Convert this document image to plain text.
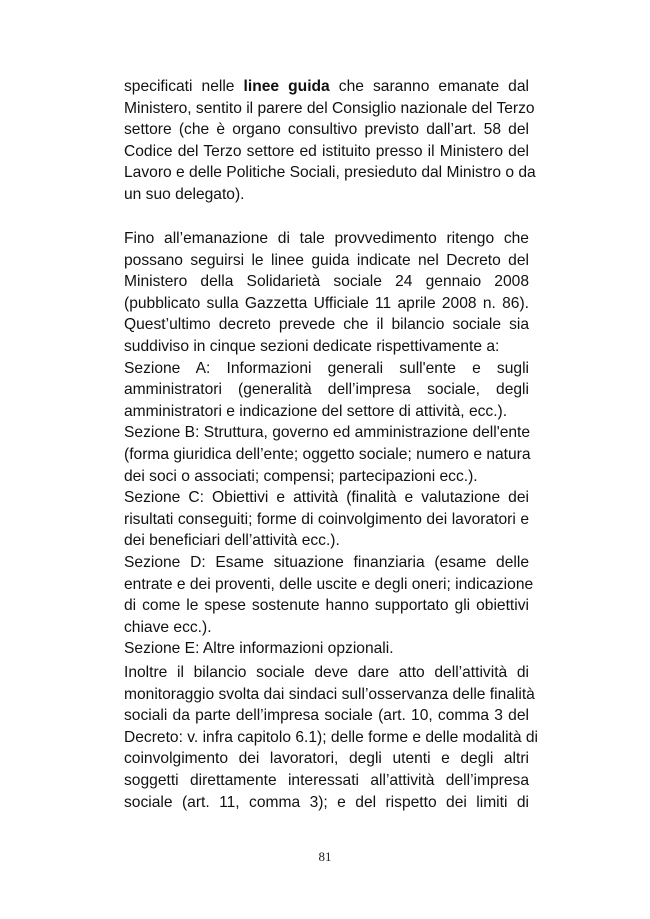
specificati nelle linee guida che saranno emanate dal
Ministero, sentito il parere del Consiglio nazionale del Terzo
settore (che è organo consultivo previsto dall’art. 58 del
Codice del Terzo settore ed istituito presso il Ministero del
Lavoro e delle Politiche Sociali, presieduto dal Ministro o da
un suo delegato).
Fino all’emanazione di tale provvedimento ritengo che
possano seguirsi le linee guida indicate nel Decreto del
Ministero della Solidarietà sociale 24 gennaio 2008
(pubblicato sulla Gazzetta Ufficiale 11 aprile 2008 n. 86).
Quest’ultimo decreto prevede che il bilancio sociale sia
suddiviso in cinque sezioni dedicate rispettivamente a:
Sezione A: Informazioni generali sull'ente e sugli
amministratori (generalità dell’impresa sociale, degli
amministratori e indicazione del settore di attività, ecc.).
Sezione B: Struttura, governo ed amministrazione dell'ente
(forma giuridica dell’ente; oggetto sociale; numero e natura
dei soci o associati; compensi; partecipazioni ecc.).
Sezione C: Obiettivi e attività (finalità e valutazione dei
risultati conseguiti; forme di coinvolgimento dei lavoratori e
dei beneficiari dell’attività ecc.).
Sezione D: Esame situazione finanziaria (esame delle
entrate e dei proventi, delle uscite e degli oneri; indicazione
di come le spese sostenute hanno supportato gli obiettivi
chiave ecc.).
Sezione E: Altre informazioni opzionali.
Inoltre il bilancio sociale deve dare atto dell’attività di
monitoraggio svolta dai sindaci sull’osservanza delle finalità
sociali da parte dell’impresa sociale (art. 10, comma 3 del
Decreto: v. infra capitolo 6.1); delle forme e delle modalità di
coinvolgimento dei lavoratori, degli utenti e degli altri
soggetti direttamente interessati all’attività dell’impresa
sociale (art. 11, comma 3); e del rispetto dei limiti di
81
